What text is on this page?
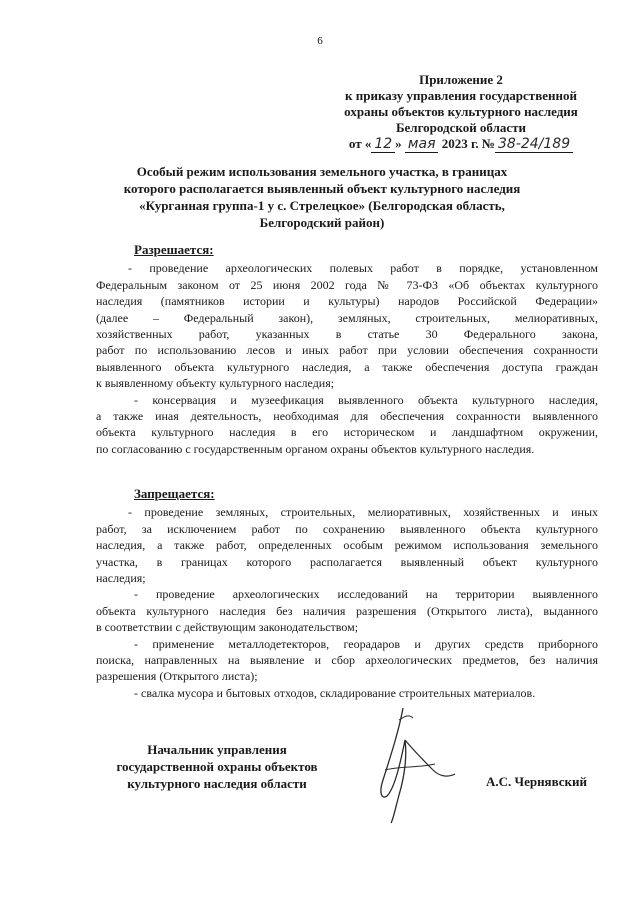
6
Приложение 2
к приказу управления государственной
охраны объектов культурного наследия
Белгородской области
от « 12 » мая 2023 г. № 38-24/189
Особый режим использования земельного участка, в границах
которого располагается выявленный объект культурного наследия
«Курганная группа-1 у с. Стрелецкое» (Белгородская область,
Белгородский район)
Разрешается:

- проведение археологических полевых работ в порядке, установленном
Федеральным законом от 25 июня 2002 года № 73-ФЗ «Об объектах культурного
наследия (памятников истории и культуры) народов Российской Федерации»
(далее – Федеральный закон), земляных, строительных, мелиоративных,
хозяйственных работ, указанных в статье 30 Федерального закона,
работ по использованию лесов и иных работ при условии обеспечения сохранности
выявленного объекта культурного наследия, а также обеспечения доступа граждан
к выявленному объекту культурного наследия;

- консервация и музеефикация выявленного объекта культурного наследия,
а также иная деятельность, необходимая для обеспечения сохранности выявленного
объекта культурного наследия в его историческом и ландшафтном окружении,
по согласованию с государственным органом охраны объектов культурного наследия.

Запрещается:

- проведение земляных, строительных, мелиоративных, хозяйственных и иных
работ, за исключением работ по сохранению выявленного объекта культурного
наследия, а также работ, определенных особым режимом использования земельного
участка, в границах которого располагается выявленный объект культурного
наследия;

- проведение археологических исследований на территории выявленного
объекта культурного наследия без наличия разрешения (Открытого листа), выданного
в соответствии с действующим законодательством;

- применение металлодетекторов, георадаров и других средств приборного
поиска, направленных на выявление и сбор археологических предметов, без наличия
разрешения (Открытого листа);

- свалка мусора и бытовых отходов, складирование строительных материалов.

Начальник управления
государственной охраны объектов
культурного наследия области	А.С. Чернявский
